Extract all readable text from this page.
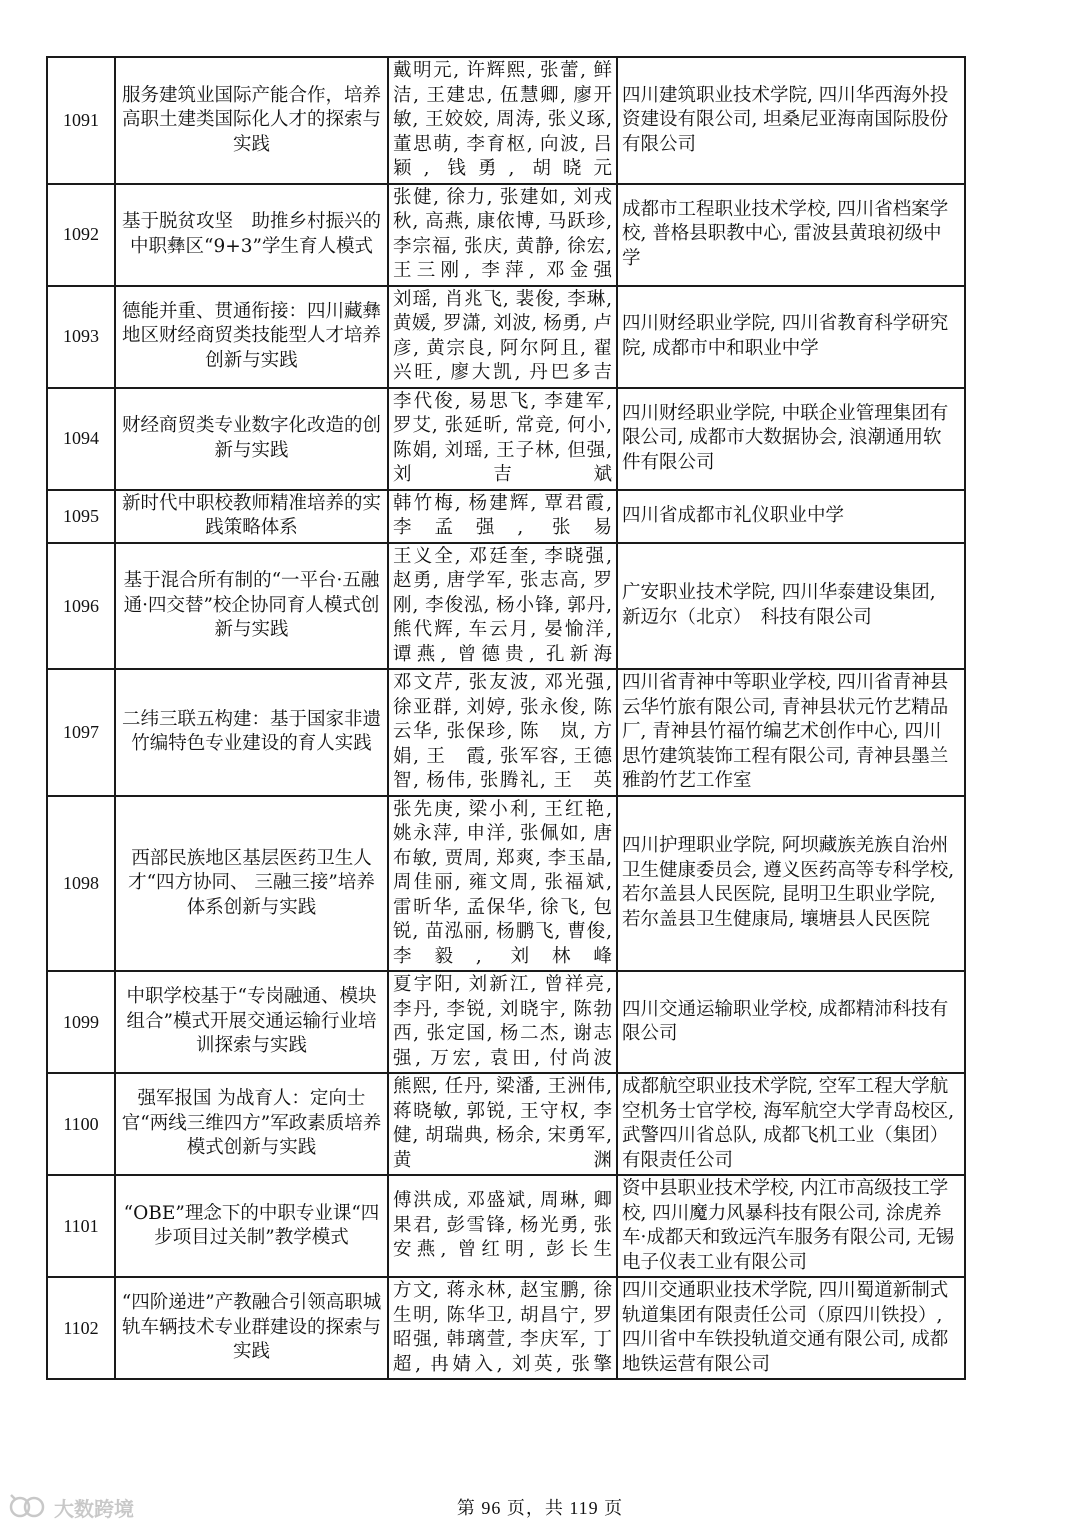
1091	服务建筑业国际产能合作，培养高职土建类国际化人才的探索与实践	戴明元, 许辉熙, 张蕾, 鲜洁, 王建忠, 伍慧卿, 廖开敏, 王姣姣, 周涛, 张义琢, 董思萌, 李育枢, 向波, 吕颖, 钱勇, 胡晓元	四川建筑职业技术学院, 四川华西海外投资建设有限公司, 坦桑尼亚海南国际股份有限公司
1092	基于脱贫攻坚　助推乡村振兴的中职彝区“9+3”学生育人模式	张健, 徐力, 张建如, 刘戎秋, 高燕, 康依博, 马跃珍, 李宗福, 张庆, 黄静, 徐宏, 王三刚, 李萍, 邓金强	成都市工程职业技术学校, 四川省档案学校, 普格县职教中心, 雷波县黄琅初级中学
1093	德能并重、贯通衔接：四川藏彝地区财经商贸类技能型人才培养创新与实践	刘瑶, 肖兆飞, 裴俊, 李琳, 黄媛, 罗潇, 刘波, 杨勇, 卢彦, 黄宗良, 阿尔阿且, 翟兴旺, 廖大凯, 丹巴多吉	四川财经职业学院, 四川省教育科学研究院, 成都市中和职业中学
1094	财经商贸类专业数字化改造的创新与实践	李代俊, 易思飞, 李建军, 罗艾, 张延昕, 常竞, 何小, 陈娟, 刘瑶, 王子林, 但强, 刘吉斌	四川财经职业学院, 中联企业管理集团有限公司, 成都市大数据协会, 浪潮通用软件有限公司
1095	新时代中职校教师精准培养的实践策略体系	韩竹梅, 杨建辉, 覃君霞, 李孟强, 张易	四川省成都市礼仪职业中学
1096	基于混合所有制的“一平台·五融通·四交替”校企协同育人模式创新与实践	王义全, 邓廷奎, 李晓强, 赵勇, 唐学军, 张志高, 罗刚, 李俊泓, 杨小锋, 郭丹, 熊代辉, 车云月, 晏愉洋, 谭燕, 曾德贵, 孔新海	广安职业技术学院, 四川华泰建设集团, 新迈尔（北京）　科技有限公司
1097	二纬三联五构建：基于国家非遗竹编特色专业建设的育人实践	邓文芹, 张友波, 邓光强, 徐亚群, 刘婷, 张永俊, 陈云华, 张保珍, 陈　岚, 方娟, 王　霞, 张军容, 王德智, 杨伟, 张腾礼, 王　英	四川省青神中等职业学校, 四川省青神县云华竹旅有限公司, 青神县状元竹艺精品厂, 青神县竹福竹编艺术创作中心, 四川思竹建筑装饰工程有限公司, 青神县墨兰雅韵竹艺工作室
1098	西部民族地区基层医药卫生人才“四方协同、 三融三接”培养体系创新与实践	张先庚, 梁小利, 王红艳, 姚永萍, 申洋, 张佩如, 唐布敏, 贾周, 郑爽, 李玉晶, 周佳丽, 雍文周, 张福斌, 雷昕华, 孟保华, 徐飞, 包锐, 苗泓丽, 杨鹏飞, 曹俊, 李毅, 刘林峰	四川护理职业学院, 阿坝藏族羌族自治州卫生健康委员会, 遵义医药高等专科学校, 若尔盖县人民医院, 昆明卫生职业学院, 若尔盖县卫生健康局, 壤塘县人民医院
1099	中职学校基于“专岗融通、模块组合”模式开展交通运输行业培训探索与实践	夏宇阳, 刘新江, 曾祥亮, 李丹, 李锐, 刘晓宇, 陈勃西, 张定国, 杨二杰, 谢志强, 万宏, 袁田, 付尚波	四川交通运输职业学校, 成都精沛科技有限公司
1100	强军报国 为战育人：定向士官“两线三维四方”军政素质培养模式创新与实践	熊熙, 任丹, 梁潘, 王洲伟, 蒋晓敏, 郭锐, 王守权, 李健, 胡瑞典, 杨余, 宋勇军, 黄渊	成都航空职业技术学院, 空军工程大学航空机务士官学校, 海军航空大学青岛校区, 武警四川省总队, 成都飞机工业（集团）有限责任公司
1101	“OBE”理念下的中职专业课“四步项目过关制”教学模式	傅洪成, 邓盛斌, 周琳, 卿果君, 彭雪锋, 杨光勇, 张安燕, 曾红明, 彭长生	资中县职业技术学校, 内江市高级技工学校, 四川魔力风暴科技有限公司, 涂虎养车·成都天和致远汽车服务有限公司, 无锡电子仪表工业有限公司
1102	“四阶递进”产教融合引领高职城轨车辆技术专业群建设的探索与实践	方文, 蒋永林, 赵宝鹏, 徐生明, 陈华卫, 胡昌宁, 罗昭强, 韩璃萱, 李庆军, 丁超, 冉婧入, 刘英, 张擎	四川交通职业技术学院, 四川蜀道新制式轨道集团有限责任公司（原四川铁投）, 四川省中车铁投轨道交通有限公司, 成都地铁运营有限公司
大数跨境	第 96 页，共 119 页
